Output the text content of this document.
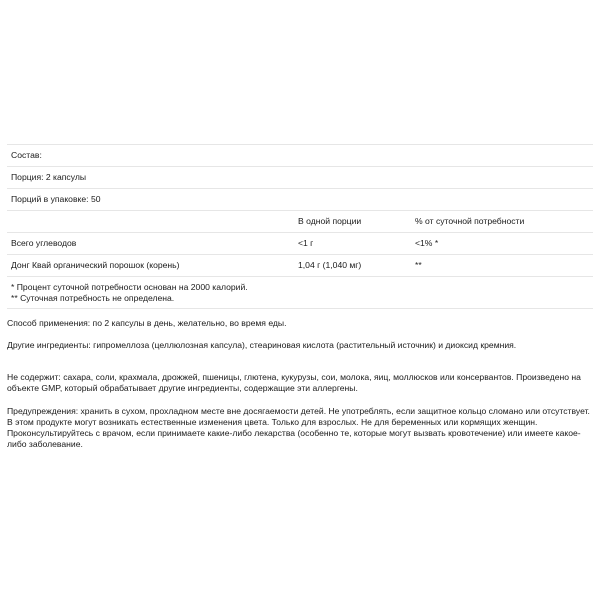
Состав:		
Порция: 2 капсулы		
Порций в упаковке: 50		
	В одной порции	% от суточной потребности
Всего углеводов	<1 г	<1% *
Донг Квай органический порошок (корень)	1,04 г (1,040 мг)	**

* Процент суточной потребности основан на 2000 калорий.
** Суточная потребность не определена.		

Способ применения: по 2 капсулы в день, желательно, во время еды.

Другие ингредиенты: гипромеллоза (целлюлозная капсула), стеариновая кислота (растительный источник) и диоксид кремния.

Не содержит: сахара, соли, крахмала, дрожжей, пшеницы, глютена, кукурузы, сои, молока, яиц, моллюсков или консервантов. Произведено на объекте GMP, который обрабатывает другие ингредиенты, содержащие эти аллергены.

Предупреждения: хранить в сухом, прохладном месте вне досягаемости детей. Не употреблять, если защитное кольцо сломано или отсутствует. В этом продукте могут возникать естественные изменения цвета. Только для взрослых. Не для беременных или кормящих женщин. Проконсультируйтесь с врачом, если принимаете какие-либо лекарства (особенно те, которые могут вызвать кровотечение) или имеете какое-либо заболевание.
